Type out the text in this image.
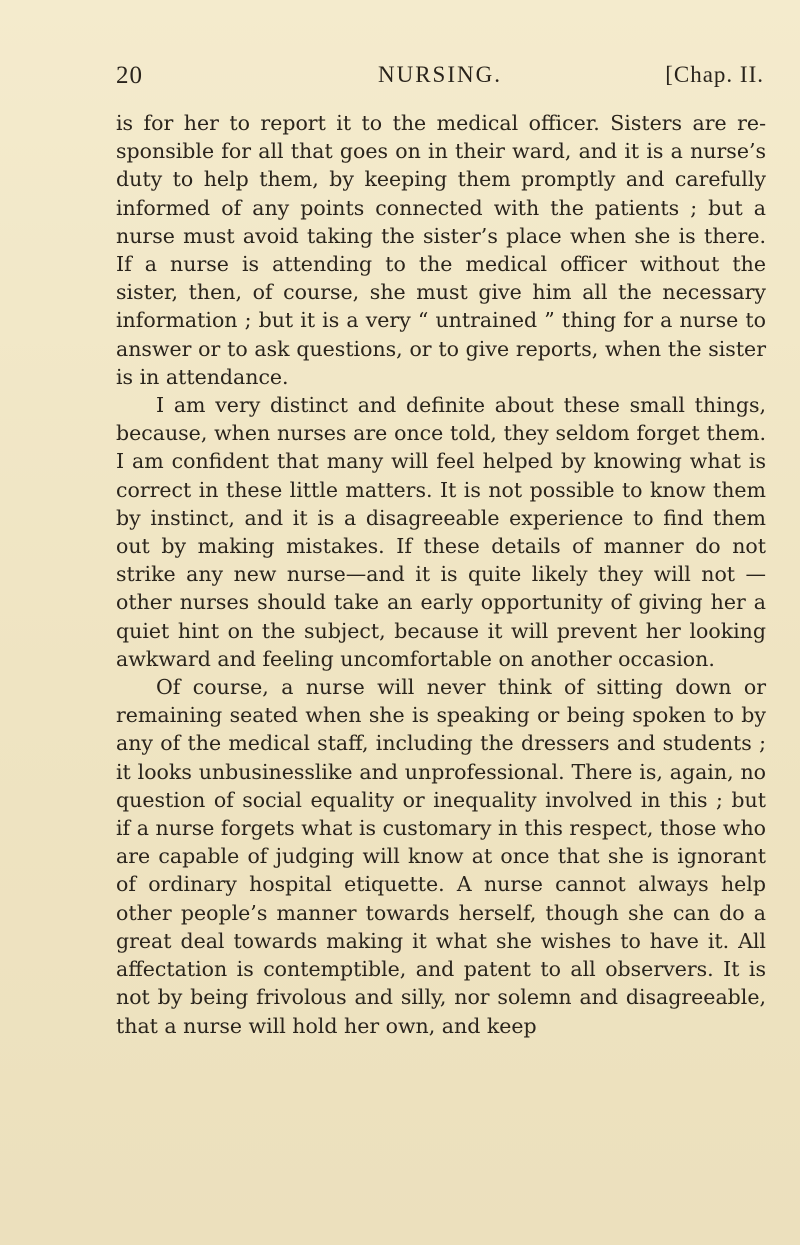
20	NURSING.	[Chap. II.

is for her to report it to the medical officer. Sisters are re-sponsible for all that goes on in their ward, and it is a nurse’s duty to help them, by keeping them promptly and carefully informed of any points connected with the patients ; but a nurse must avoid taking the sister’s place when she is there. If a nurse is attending to the medical officer without the sister, then, of course, she must give him all the necessary information ; but it is a very “ untrained ” thing for a nurse to answer or to ask questions, or to give reports, when the sister is in attendance.

I am very distinct and definite about these small things, because, when nurses are once told, they seldom forget them. I am confident that many will feel helped by knowing what is correct in these little matters. It is not possible to know them by instinct, and it is a disagreeable experience to find them out by making mistakes. If these details of manner do not strike any new nurse—and it is quite likely they will not — other nurses should take an early opportunity of giving her a quiet hint on the subject, because it will prevent her looking awkward and feeling uncomfortable on another occasion.

Of course, a nurse will never think of sitting down or remaining seated when she is speaking or being spoken to by any of the medical staff, including the dressers and students ; it looks unbusinesslike and unprofessional. There is, again, no question of social equality or inequality involved in this ; but if a nurse forgets what is customary in this respect, those who are capable of judging will know at once that she is ignorant of ordinary hospital etiquette. A nurse cannot always help other people’s manner towards herself, though she can do a great deal towards making it what she wishes to have it. All affectation is contemptible, and patent to all observers. It is not by being frivolous and silly, nor solemn and disagreeable, that a nurse will hold her own, and keep
